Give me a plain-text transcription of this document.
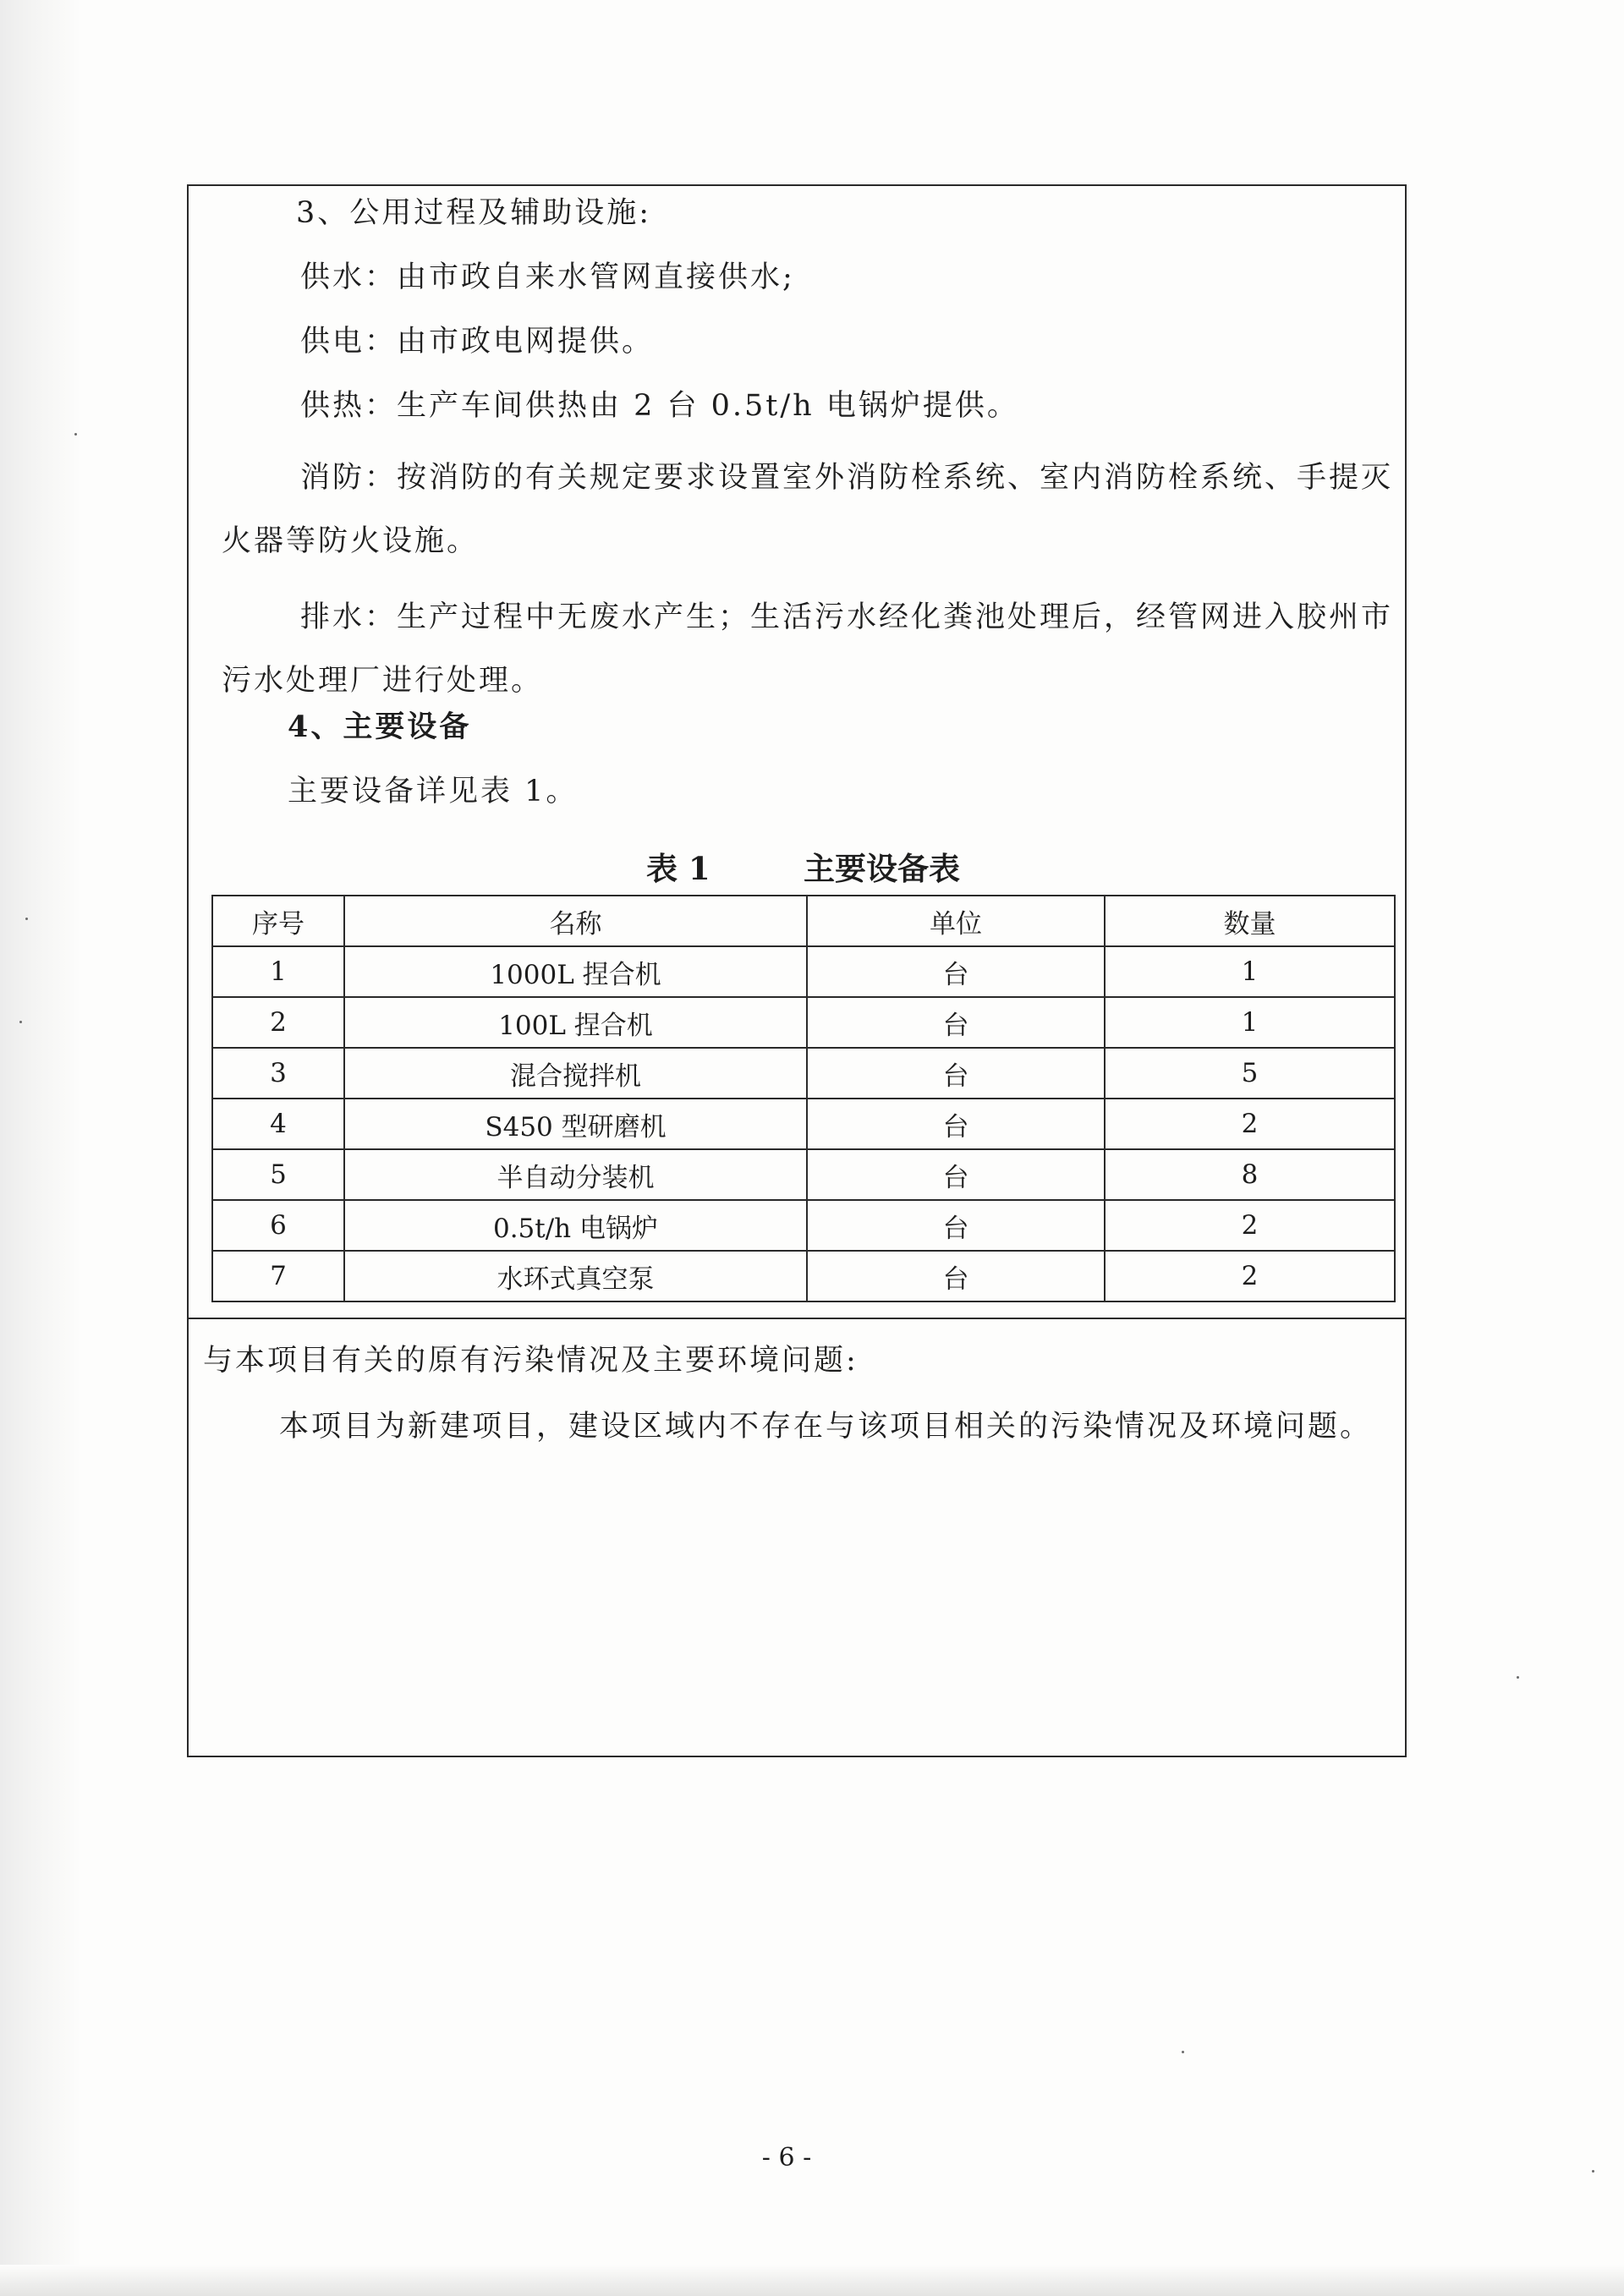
3、公用过程及辅助设施:
供水：由市政自来水管网直接供水;
供电：由市政电网提供。
供热：生产车间供热由 2 台 0.5t/h 电锅炉提供。
消防：按消防的有关规定要求设置室外消防栓系统、室内消防栓系统、手提灭火器等防火设施。
排水：生产过程中无废水产生；生活污水经化粪池处理后，经管网进入胶州市污水处理厂进行处理。
4、主要设备
主要设备详见表 1。
表 1	主要设备表
序号	名称	单位	数量
1	1000L 捏合机	台	1
2	100L 捏合机	台	1
3	混合搅拌机	台	5
4	S450 型研磨机	台	2
5	半自动分装机	台	8
6	0.5t/h 电锅炉	台	2
7	水环式真空泵	台	2
与本项目有关的原有污染情况及主要环境问题:
本项目为新建项目，建设区域内不存在与该项目相关的污染情况及环境问题。
- 6 -
